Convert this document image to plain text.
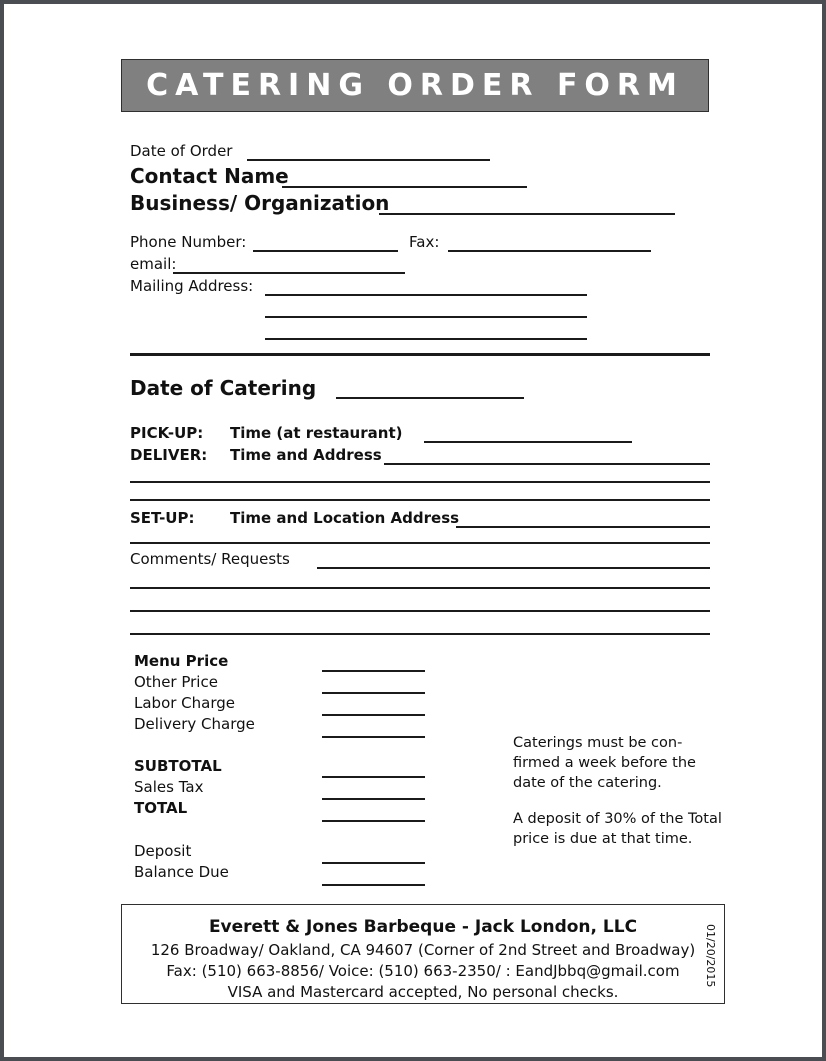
CATERING ORDER FORM
Date of Order
Contact Name
Business/ Organization
Phone Number:	Fax:
email:
Mailing Address:
Date of Catering
PICK-UP: Time (at restaurant)
DELIVER: Time and Address
SET-UP: Time and Location Address
Comments/ Requests
Menu Price
Other Price
Labor Charge
Delivery Charge
SUBTOTAL
Sales Tax
TOTAL
Deposit
Balance Due
Caterings must be con-firmed a week before the date of the catering.
A deposit of 30% of the Total price is due at that time.
Everett & Jones Barbeque - Jack London, LLC
126 Broadway/ Oakland, CA 94607 (Corner of 2nd Street and Broadway)
Fax: (510) 663-8856/ Voice: (510) 663-2350/ : EandJbbq@gmail.com
VISA and Mastercard accepted, No personal checks.
